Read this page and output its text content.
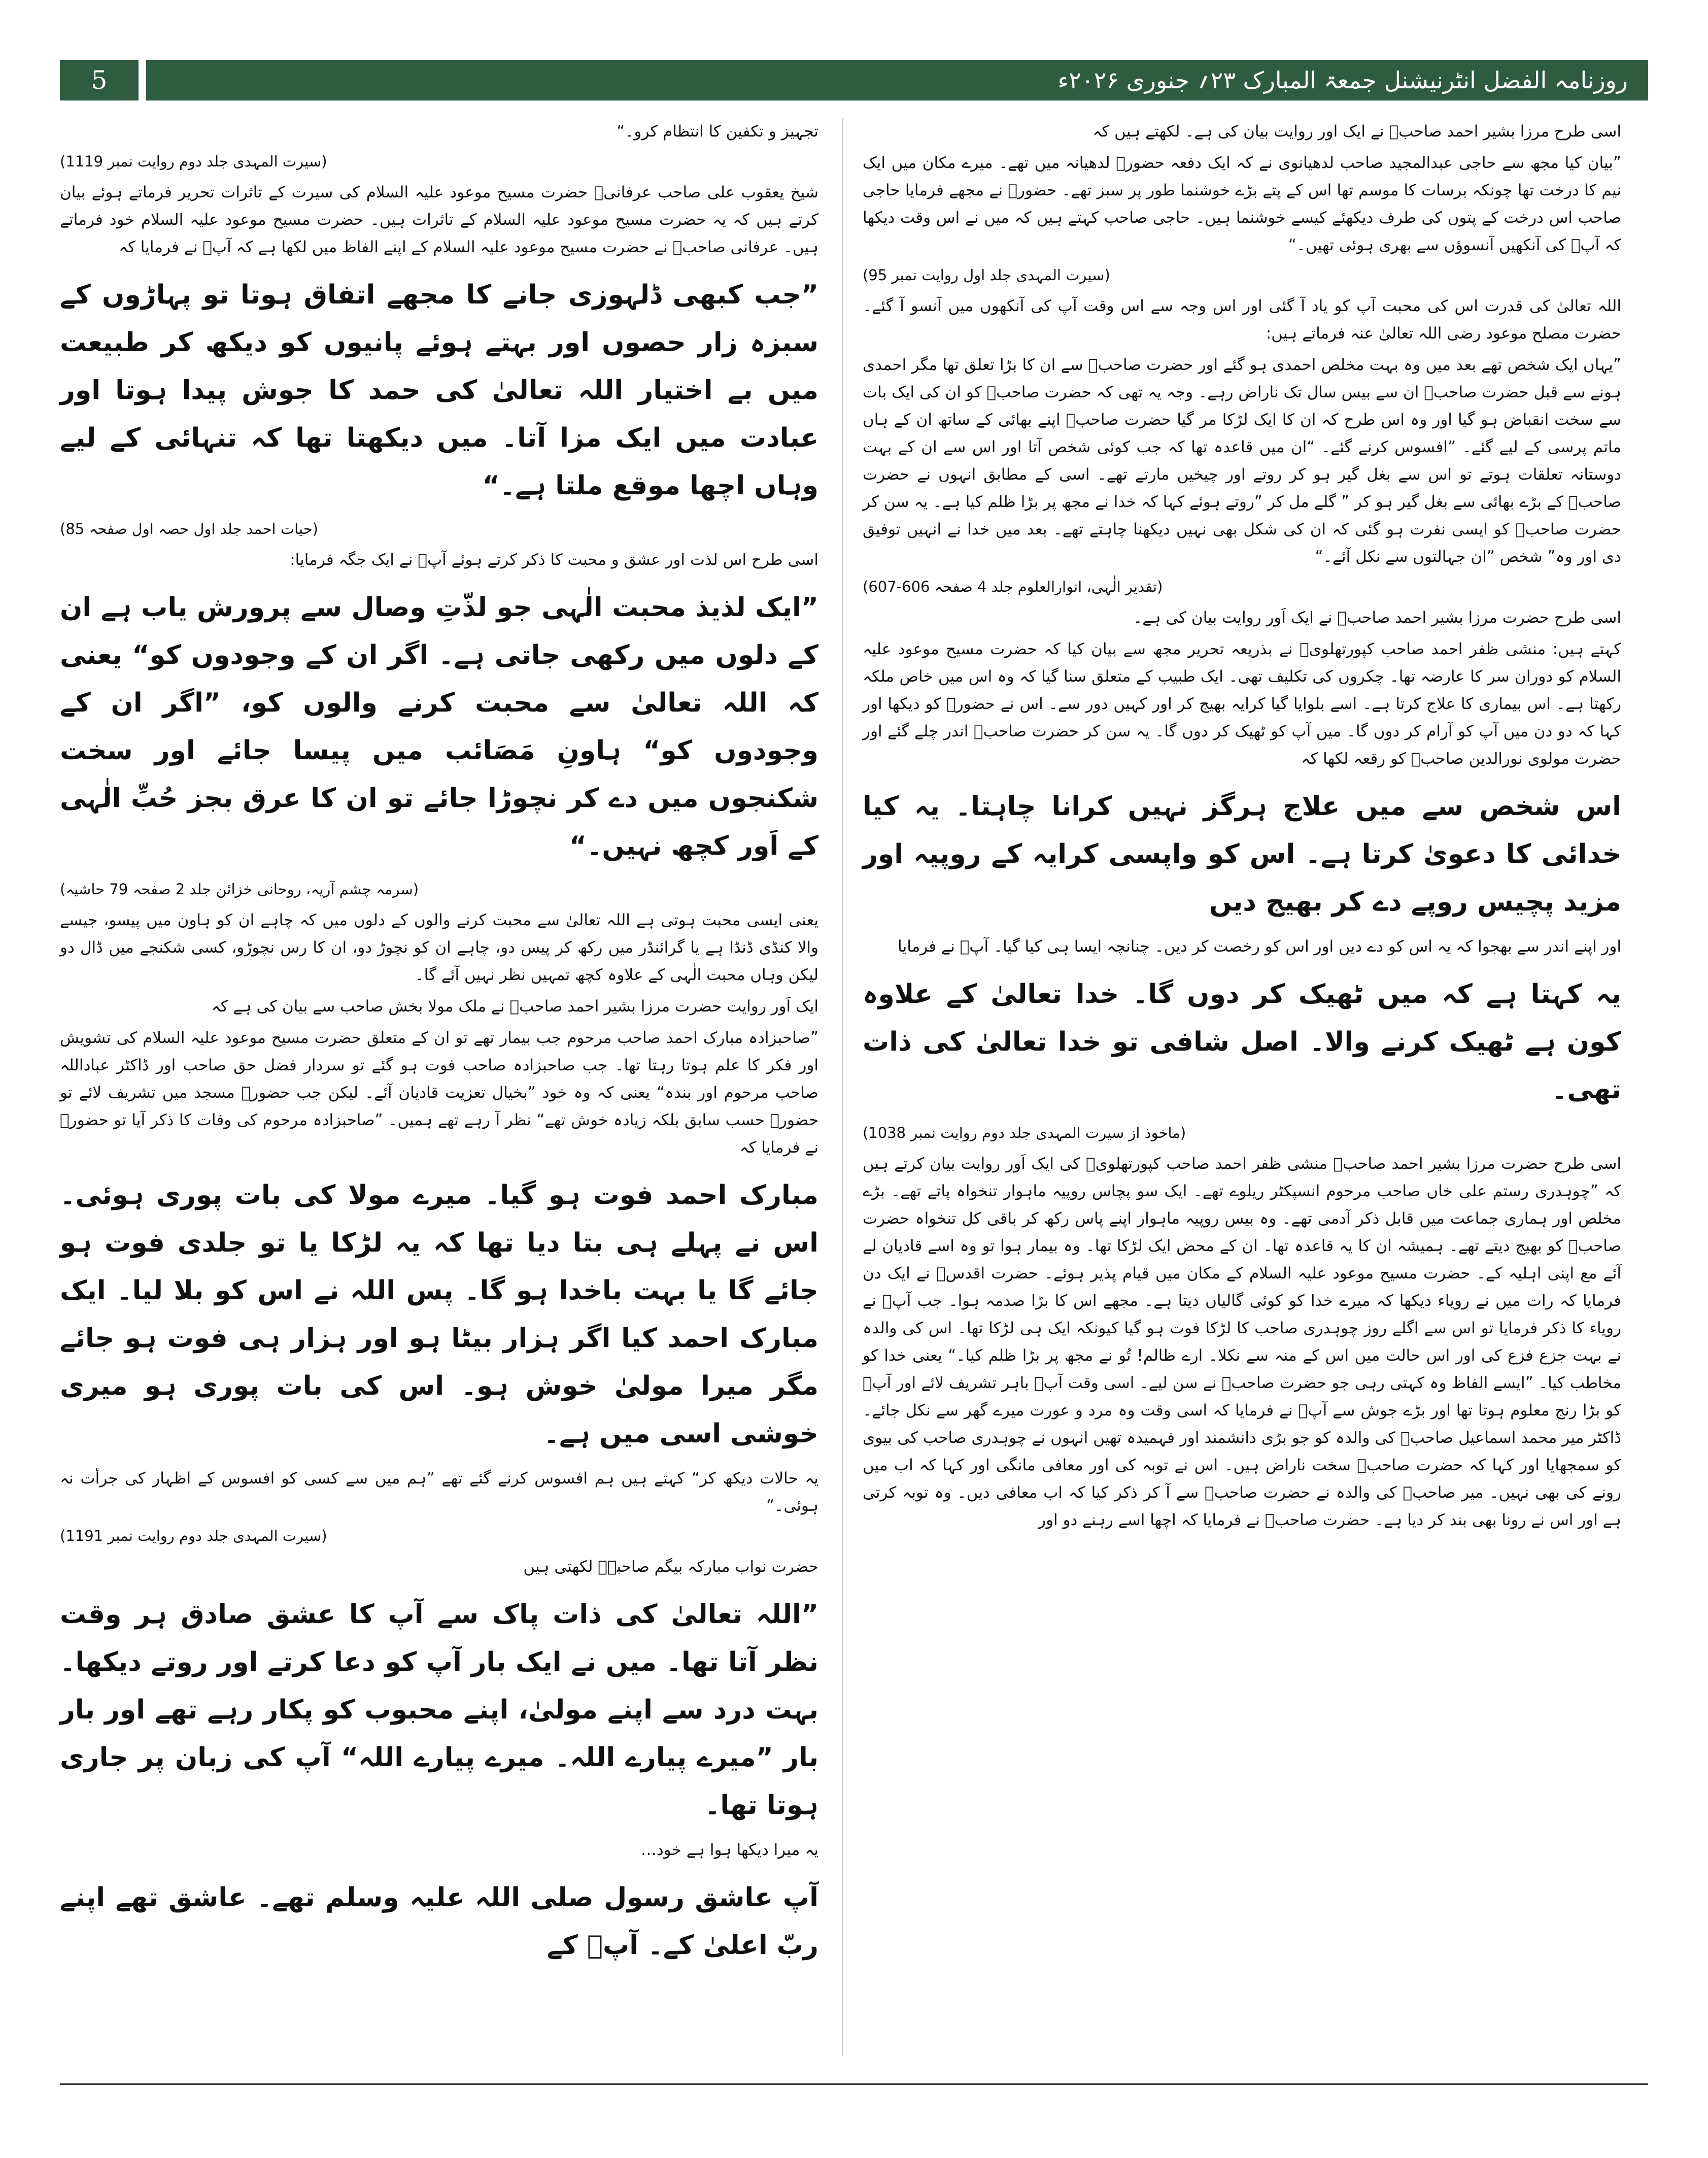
5	روزنامہ الفضل انٹرنیشنل جمعۃ المبارک ۲۳؍ جنوری ۲۰۲۶ء

اسی طرح مرزا بشیر احمد صاحبؓ نے ایک اور روایت بیان کی ہے۔ لکھتے ہیں کہ

”بیان کیا مجھ سے حاجی عبدالمجید صاحب لدھیانوی نے کہ ایک دفعہ حضورؑ لدھیانہ میں تھے۔ میرے مکان میں ایک نیم کا درخت تھا چونکہ برسات کا موسم تھا اس کے پتے بڑے خوشنما طور پر سبز تھے۔ حضورؑ نے مجھے فرمایا حاجی صاحب اس درخت کے پتوں کی طرف دیکھئے کیسے خوشنما ہیں۔ حاجی صاحب کہتے ہیں کہ میں نے اس وقت دیکھا کہ آپؑ کی آنکھیں آنسوؤں سے بھری ہوئی تھیں۔“

(سیرت المہدی جلد اول روایت نمبر 95)

اللہ تعالیٰ کی قدرت اس کی محبت آپ کو یاد آ گئی اور اس وجہ سے اس وقت آپ کی آنکھوں میں آنسو آ گئے۔ حضرت مصلح موعود رضی اللہ تعالیٰ عنہ فرماتے ہیں:

”یہاں ایک شخص تھے بعد میں وہ بہت مخلص احمدی ہو گئے اور حضرت صاحبؑ سے ان کا بڑا تعلق تھا مگر احمدی ہونے سے قبل حضرت صاحبؑ ان سے بیس سال تک ناراض رہے۔ وجہ یہ تھی کہ حضرت صاحبؑ کو ان کی ایک بات سے سخت انقباض ہو گیا اور وہ اس طرح کہ ان کا ایک لڑکا مر گیا حضرت صاحبؑ اپنے بھائی کے ساتھ ان کے ہاں ماتم پرسی کے لیے گئے۔ ”افسوس کرنے گئے۔ “ان میں قاعدہ تھا کہ جب کوئی شخص آتا اور اس سے ان کے بہت دوستانہ تعلقات ہوتے تو اس سے بغل گیر ہو کر روتے اور چیخیں مارتے تھے۔ اسی کے مطابق انہوں نے حضرت صاحبؑ کے بڑے بھائی سے بغل گیر ہو کر ” گلے مل کر ”روتے ہوئے کہا کہ خدا نے مجھ پر بڑا ظلم کیا ہے۔ یہ سن کر حضرت صاحبؑ کو ایسی نفرت ہو گئی کہ ان کی شکل بھی نہیں دیکھنا چاہتے تھے۔ بعد میں خدا نے انہیں توفیق دی اور وہ” شخص ”ان جہالتوں سے نکل آئے۔“

(تقدیر الٰہی، انوارالعلوم جلد 4 صفحہ 606-607)

اسی طرح حضرت مرزا بشیر احمد صاحبؓ نے ایک اَور روایت بیان کی ہے۔

کہتے ہیں: منشی ظفر احمد صاحب کپورتھلویؓ نے بذریعہ تحریر مجھ سے بیان کیا کہ حضرت مسیح موعود علیہ السلام کو دوران سر کا عارضہ تھا۔ چکروں کی تکلیف تھی۔ ایک طبیب کے متعلق سنا گیا کہ وہ اس میں خاص ملکہ رکھتا ہے۔ اس بیماری کا علاج کرتا ہے۔ اسے بلوایا گیا کرایہ بھیج کر اور کہیں دور سے۔ اس نے حضورؑ کو دیکھا اور کہا کہ دو دن میں آپ کو آرام کر دوں گا۔ میں آپ کو ٹھیک کر دوں گا۔ یہ سن کر حضرت صاحبؑ اندر چلے گئے اور حضرت مولوی نورالدین صاحبؓ کو رقعہ لکھا کہ

اس شخص سے میں علاج ہرگز نہیں کرانا چاہتا۔ یہ کیا خدائی کا دعویٰ کرتا ہے۔ اس کو واپسی کرایہ کے روپیہ اور مزید پچیس روپے دے کر بھیج دیں

اور اپنے اندر سے بھجوا کہ یہ اس کو دے دیں اور اس کو رخصت کر دیں۔ چنانچہ ایسا ہی کیا گیا۔ آپؑ نے فرمایا

یہ کہتا ہے کہ میں ٹھیک کر دوں گا۔ خدا تعالیٰ کے علاوہ کون ہے ٹھیک کرنے والا۔ اصل شافی تو خدا تعالیٰ کی ذات تھی۔

(ماخوذ از سیرت المہدی جلد دوم روایت نمبر 1038)

اسی طرح حضرت مرزا بشیر احمد صاحبؓ منشی ظفر احمد صاحب کپورتھلویؓ کی ایک اَور روایت بیان کرتے ہیں کہ ”چوہدری رستم علی خاں صاحب مرحوم انسپکٹر ریلوے تھے۔ ایک سو پچاس روپیہ ماہوار تنخواہ پاتے تھے۔ بڑے مخلص اور ہماری جماعت میں قابل ذکر آدمی تھے۔ وہ بیس روپیہ ماہوار اپنے پاس رکھ کر باقی کل تنخواہ حضرت صاحبؑ کو بھیج دیتے تھے۔ ہمیشہ ان کا یہ قاعدہ تھا۔ ان کے محض ایک لڑکا تھا۔ وہ بیمار ہوا تو وہ اسے قادیان لے آئے مع اپنی اہلیہ کے۔ حضرت مسیح موعود علیہ السلام کے مکان میں قیام پذیر ہوئے۔ حضرت اقدسؑ نے ایک دن فرمایا کہ رات میں نے رویاء دیکھا کہ میرے خدا کو کوئی گالیاں دیتا ہے۔ مجھے اس کا بڑا صدمہ ہوا۔ جب آپؑ نے رویاء کا ذکر فرمایا تو اس سے اگلے روز چوہدری صاحب کا لڑکا فوت ہو گیا کیونکہ ایک ہی لڑکا تھا۔ اس کی والدہ نے بہت جزع فزع کی اور اس حالت میں اس کے منہ سے نکلا۔ ارے ظالم! تُو نے مجھ پر بڑا ظلم کیا۔“ یعنی خدا کو مخاطب کیا۔ ”ایسے الفاظ وہ کہتی رہی جو حضرت صاحبؑ نے سن لیے۔ اسی وقت آپؑ باہر تشریف لائے اور آپؑ کو بڑا رنج معلوم ہوتا تھا اور بڑے جوش سے آپؑ نے فرمایا کہ اسی وقت وہ مرد و عورت میرے گھر سے نکل جائے۔ ڈاکٹر میر محمد اسماعیل صاحبؓ کی والدہ کو جو بڑی دانشمند اور فہمیدہ تھیں انہوں نے چوہدری صاحب کی بیوی کو سمجھایا اور کہا کہ حضرت صاحبؑ سخت ناراض ہیں۔ اس نے توبہ کی اور معافی مانگی اور کہا کہ اب میں رونے کی بھی نہیں۔ میر صاحبؓ کی والدہ نے حضرت صاحبؑ سے آ کر ذکر کیا کہ اب معافی دیں۔ وہ توبہ کرتی ہے اور اس نے رونا بھی بند کر دیا ہے۔ حضرت صاحبؑ نے فرمایا کہ اچھا اسے رہنے دو اور

تجہیز و تکفین کا انتظام کرو۔“

(سیرت المہدی جلد دوم روایت نمبر 1119)

شیخ یعقوب علی صاحب عرفانیؓ حضرت مسیح موعود علیہ السلام کی سیرت کے تاثرات تحریر فرماتے ہوئے بیان کرتے ہیں کہ یہ حضرت مسیح موعود علیہ السلام کے تاثرات ہیں۔ حضرت مسیح موعود علیہ السلام خود فرماتے ہیں۔ عرفانی صاحبؓ نے حضرت مسیح موعود علیہ السلام کے اپنے الفاظ میں لکھا ہے کہ آپؑ نے فرمایا کہ

”جب کبھی ڈلہوزی جانے کا مجھے اتفاق ہوتا تو پہاڑوں کے سبزہ زار حصوں اور بہتے ہوئے پانیوں کو دیکھ کر طبیعت میں بے اختیار اللہ تعالیٰ کی حمد کا جوش پیدا ہوتا اور عبادت میں ایک مزا آتا۔ میں دیکھتا تھا کہ تنہائی کے لیے وہاں اچھا موقع ملتا ہے۔“

(حیات احمد جلد اول حصہ اول صفحہ 85)

اسی طرح اس لذت اور عشق و محبت کا ذکر کرتے ہوئے آپؑ نے ایک جگہ فرمایا:

”ایک لذیذ محبت الٰہی جو لذّتِ وصال سے پرورش یاب ہے ان کے دلوں میں رکھی جاتی ہے۔ اگر ان کے وجودوں کو“ یعنی کہ اللہ تعالیٰ سے محبت کرنے والوں کو، ”اگر ان کے وجودوں کو“ ہاونِ مَصَائب میں پیسا جائے اور سخت شکنجوں میں دے کر نچوڑا جائے تو ان کا عرق بجز حُبِّ الٰہی کے اَور کچھ نہیں۔“

(سرمہ چشم آریہ، روحانی خزائن جلد 2 صفحہ 79 حاشیہ)

یعنی ایسی محبت ہوتی ہے اللہ تعالیٰ سے محبت کرنے والوں کے دلوں میں کہ چاہے ان کو ہاون میں پیسو، جیسے والا کنڈی ڈنڈا ہے یا گرائنڈر میں رکھ کر پیس دو، چاہے ان کو نچوڑ دو، ان کا رس نچوڑو، کسی شکنجے میں ڈال دو لیکن وہاں محبت الٰہی کے علاوہ کچھ تمہیں نظر نہیں آئے گا۔

ایک اَور روایت حضرت مرزا بشیر احمد صاحبؓ نے ملک مولا بخش صاحب سے بیان کی ہے کہ

”صاحبزادہ مبارک احمد صاحب مرحوم جب بیمار تھے تو ان کے متعلق حضرت مسیح موعود علیہ السلام کی تشویش اور فکر کا علم ہوتا رہتا تھا۔ جب صاحبزادہ صاحب فوت ہو گئے تو سردار فضل حق صاحب اور ڈاکٹر عباداللہ صاحب مرحوم اور بندہ“ یعنی کہ وہ خود ”بخیال تعزیت قادیان آئے۔ لیکن جب حضورؑ مسجد میں تشریف لائے تو حضورؑ حسب سابق بلکہ زیادہ خوش تھے“ نظر آ رہے تھے ہمیں۔ ”صاحبزادہ مرحوم کی وفات کا ذکر آیا تو حضورؑ نے فرمایا کہ

مبارک احمد فوت ہو گیا۔ میرے مولا کی بات پوری ہوئی۔ اس نے پہلے ہی بتا دیا تھا کہ یہ لڑکا یا تو جلدی فوت ہو جائے گا یا بہت باخدا ہو گا۔ پس اللہ نے اس کو بلا لیا۔ ایک مبارک احمد کیا اگر ہزار بیٹا ہو اور ہزار ہی فوت ہو جائے مگر میرا مولیٰ خوش ہو۔ اس کی بات پوری ہو میری خوشی اسی میں ہے۔

یہ حالات دیکھ کر“ کہتے ہیں ہم افسوس کرنے گئے تھے ”ہم میں سے کسی کو افسوس کے اظہار کی جرأت نہ ہوئی۔“

(سیرت المہدی جلد دوم روایت نمبر 1191)

حضرت نواب مبارکہ بیگم صاحبہؓ لکھتی ہیں

”اللہ تعالیٰ کی ذات پاک سے آپ کا عشق صادق ہر وقت نظر آتا تھا۔ میں نے ایک بار آپ کو دعا کرتے اور روتے دیکھا۔ بہت درد سے اپنے مولیٰ، اپنے محبوب کو پکار رہے تھے اور بار بار ”میرے پیارے اللہ۔ میرے پیارے اللہ“ آپ کی زبان پر جاری ہوتا تھا۔

یہ میرا دیکھا ہوا ہے خود…

آپ عاشق رسول صلی اللہ علیہ وسلم تھے۔ عاشق تھے اپنے ربّ اعلیٰ کے۔ آپؑ کے
